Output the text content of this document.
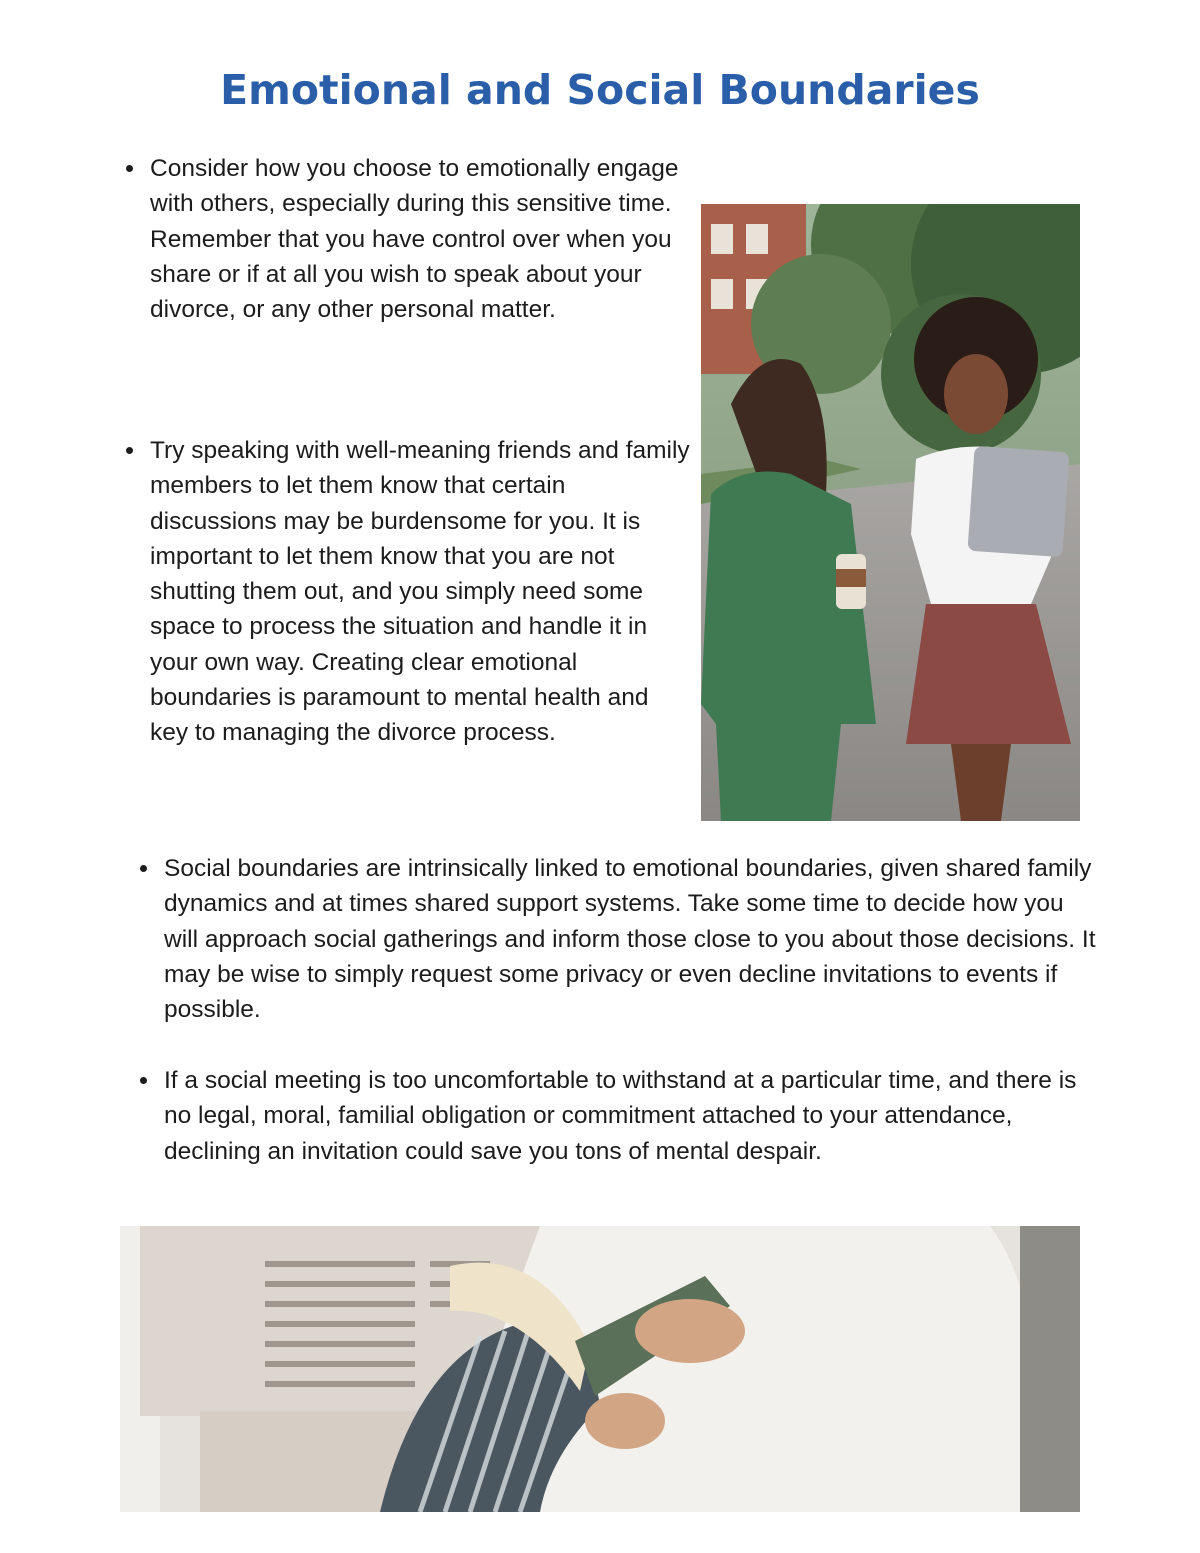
Emotional and Social Boundaries
Consider how you choose to emotionally engage with others, especially during this sensitive time. Remember that you have control over when you share or if at all you wish to speak about your divorce, or any other personal matter.
Try speaking with well-meaning friends and family members to let them know that certain discussions may be burdensome for you. It is important to let them know that you are not shutting them out, and you simply need some space to process the situation and handle it in your own way. Creating clear emotional boundaries is paramount to mental health and key to managing the divorce process.
Social boundaries are intrinsically linked to emotional boundaries, given shared family dynamics and at times shared support systems. Take some time to decide how you will approach social gatherings and inform those close to you about those decisions. It may be wise to simply request some privacy or even decline invitations to events if possible.
If a social meeting is too uncomfortable to withstand at a particular time, and there is no legal, moral, familial obligation or commitment attached to your attendance, declining an invitation could save you tons of mental despair.
